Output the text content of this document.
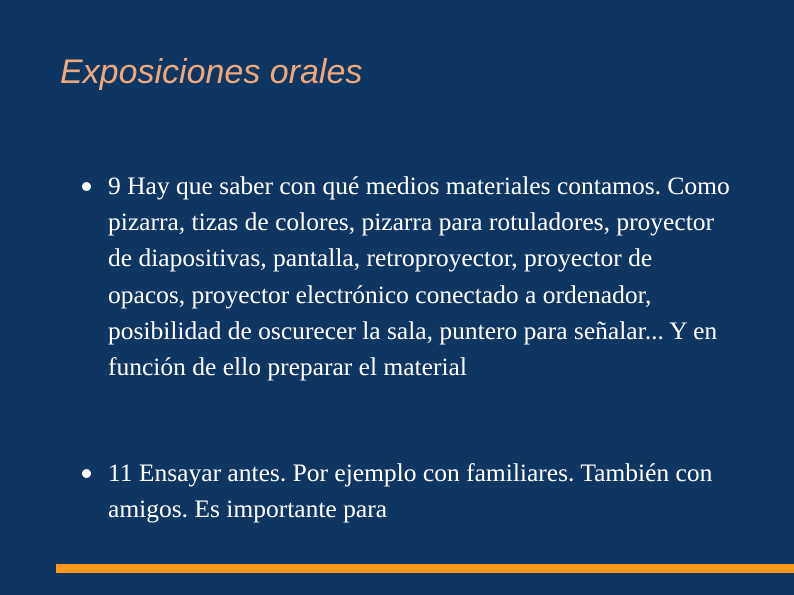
Exposiciones orales
9 Hay que saber con qué medios materiales contamos. Como pizarra, tizas de colores, pizarra para rotuladores, proyector de diapositivas, pantalla, retroproyector, proyector de opacos, proyector electrónico conectado a ordenador, posibilidad de oscurecer la sala, puntero para señalar... Y en función de ello preparar el material
11 Ensayar antes. Por ejemplo con familiares. También con amigos. Es importante para
